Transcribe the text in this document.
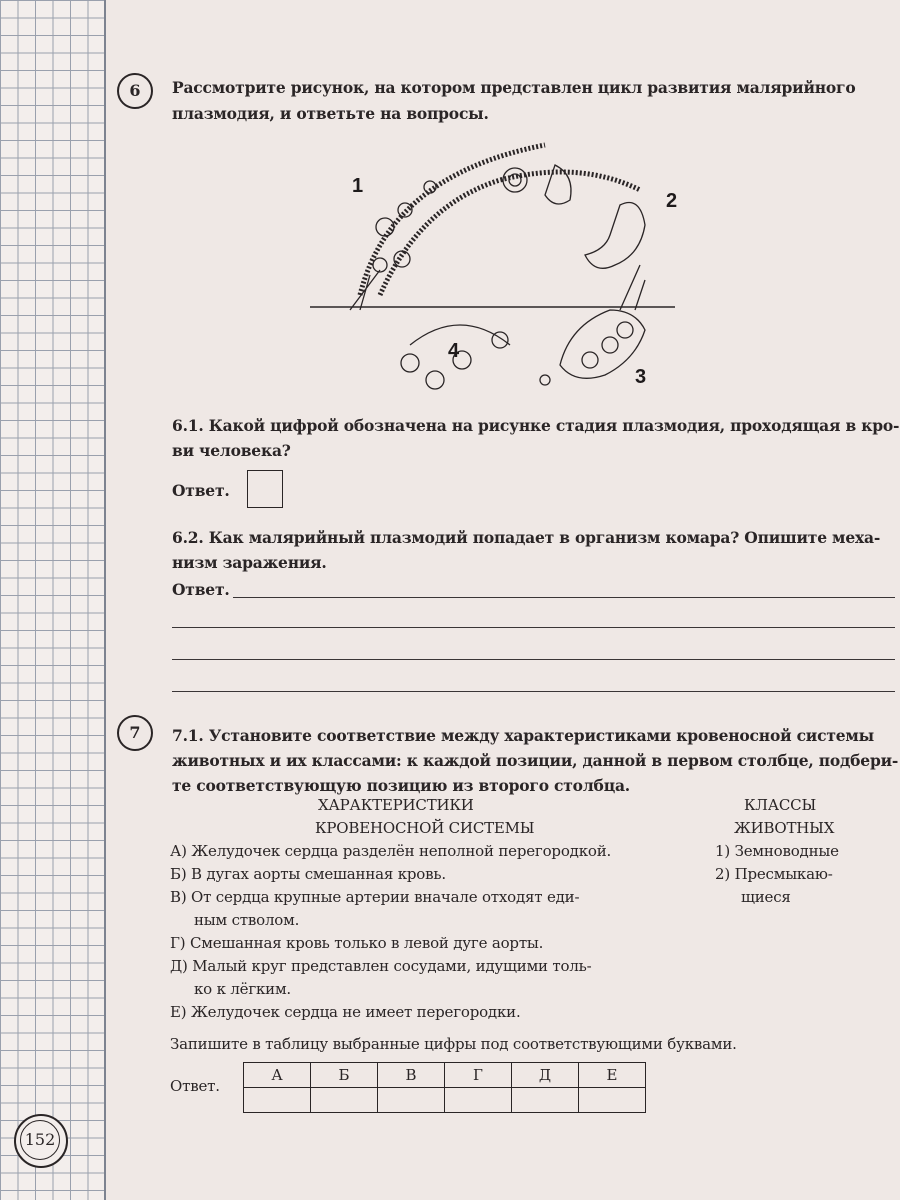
6	Рассмотрите рисунок, на котором представлен цикл развития малярийного
плазмодия, и ответьте на вопросы.
1
2
3
4
6.1. Какой цифрой обозначена на рисунке стадия плазмодия, проходящая в кро-
ви человека?
Ответ.
6.2. Как малярийный плазмодий попадает в организм комара? Опишите меха-
низм заражения.
Ответ.
7	7.1. Установите соответствие между характеристиками кровеносной системы
животных и их классами: к каждой позиции, данной в первом столбце, подбери-
те соответствующую позицию из второго столбца.
ХАРАКТЕРИСТИКИ
КРОВЕНОСНОЙ СИСТЕМЫ
КЛАССЫ
ЖИВОТНЫХ
А) Желудочек сердца разделён неполной перегородкой.
Б) В дугах аорты смешанная кровь.
В) От сердца крупные артерии вначале отходят еди-
ным стволом.
Г) Смешанная кровь только в левой дуге аорты.
Д) Малый круг представлен сосудами, идущими толь-
ко к лёгким.
Е) Желудочек сердца не имеет перегородки.
1) Земноводные
2) Пресмыкаю-
щиеся
Запишите в таблицу выбранные цифры под соответствующими буквами.
Ответ.
А	Б	В	Г	Д	Е

152
